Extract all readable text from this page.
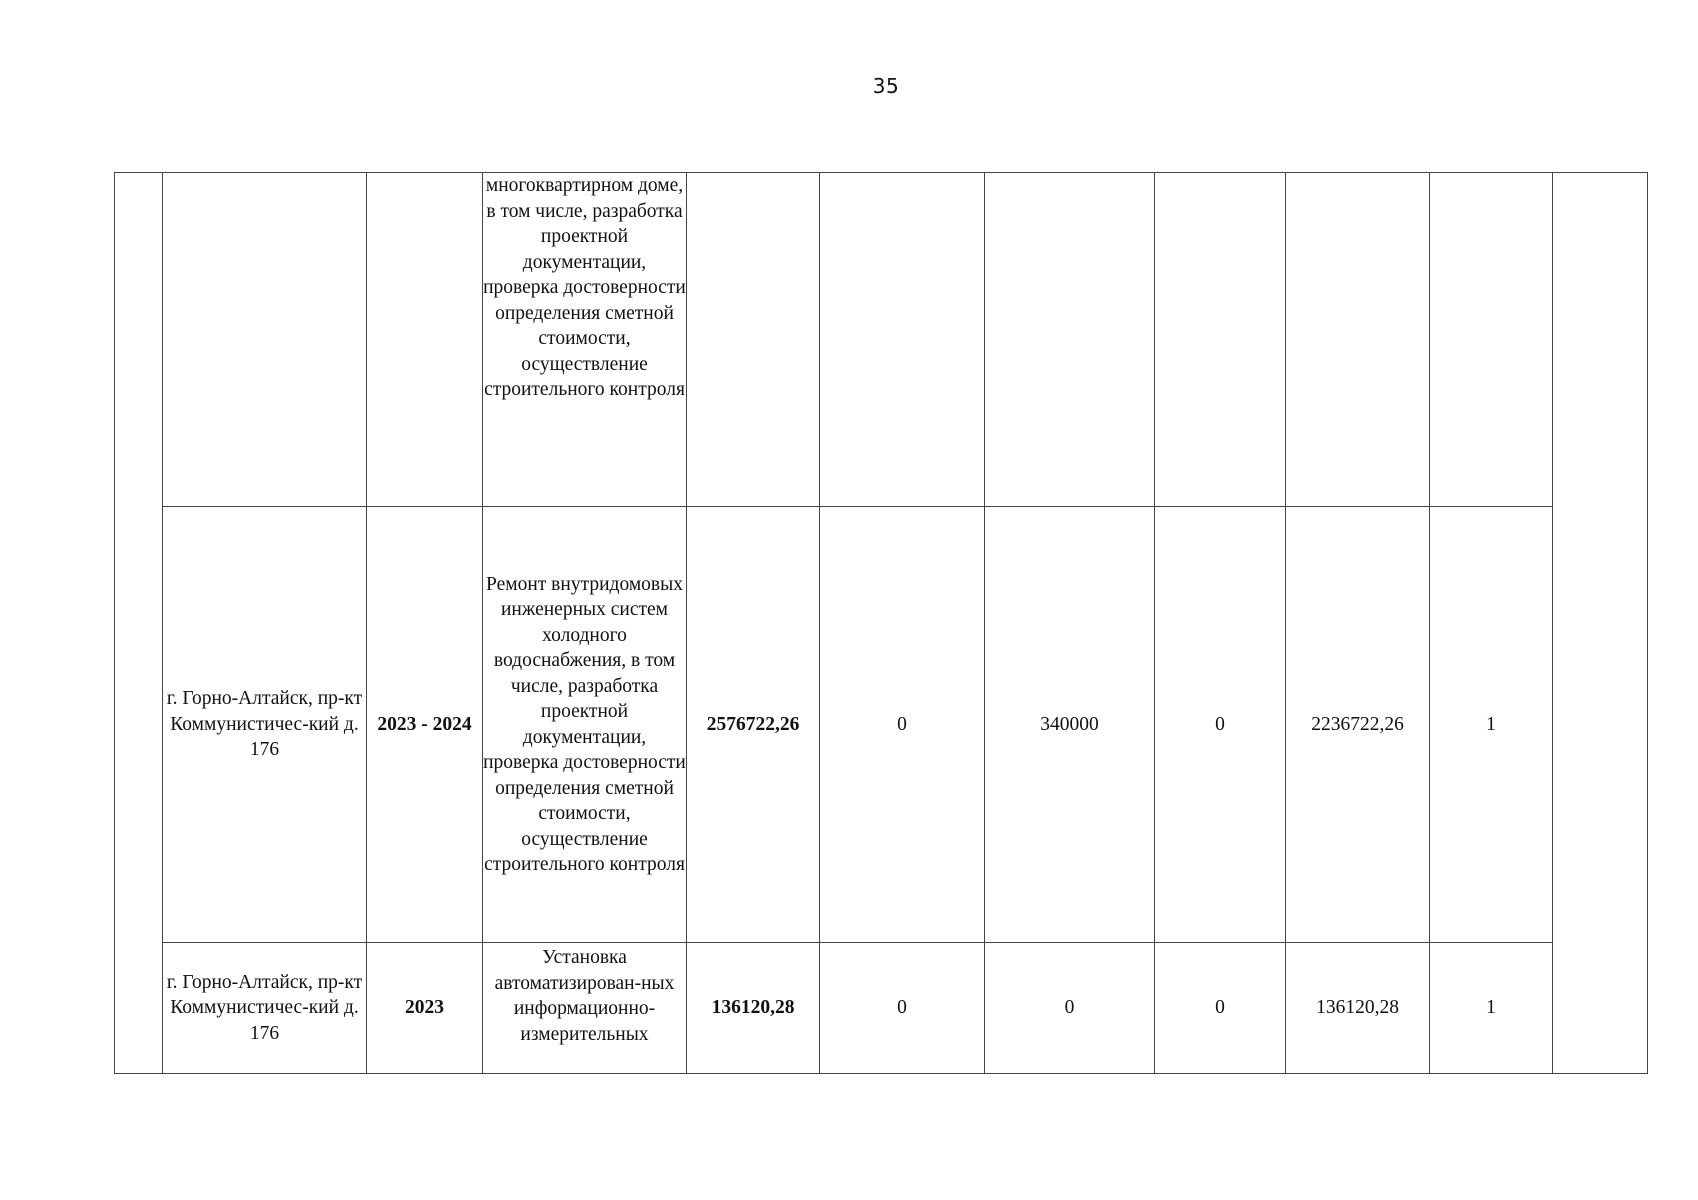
35
			многоквартирном доме, в том числе, разработка проектной документации, проверка достоверности определения сметной стоимости, осуществление строительного контроля							
	г. Горно-Алтайск, пр-кт Коммунистичес-кий д. 176	2023 - 2024	Ремонт внутридомовых инженерных систем холодного водоснабжения, в том числе, разработка проектной документации, проверка достоверности определения сметной стоимости, осуществление строительного контроля	2576722,26	0	340000	0	2236722,26	1	
	г. Горно-Алтайск, пр-кт Коммунистичес-кий д. 176	2023	Установка автоматизирован-ных информационно-измерительных	136120,28	0	0	0	136120,28	1	
